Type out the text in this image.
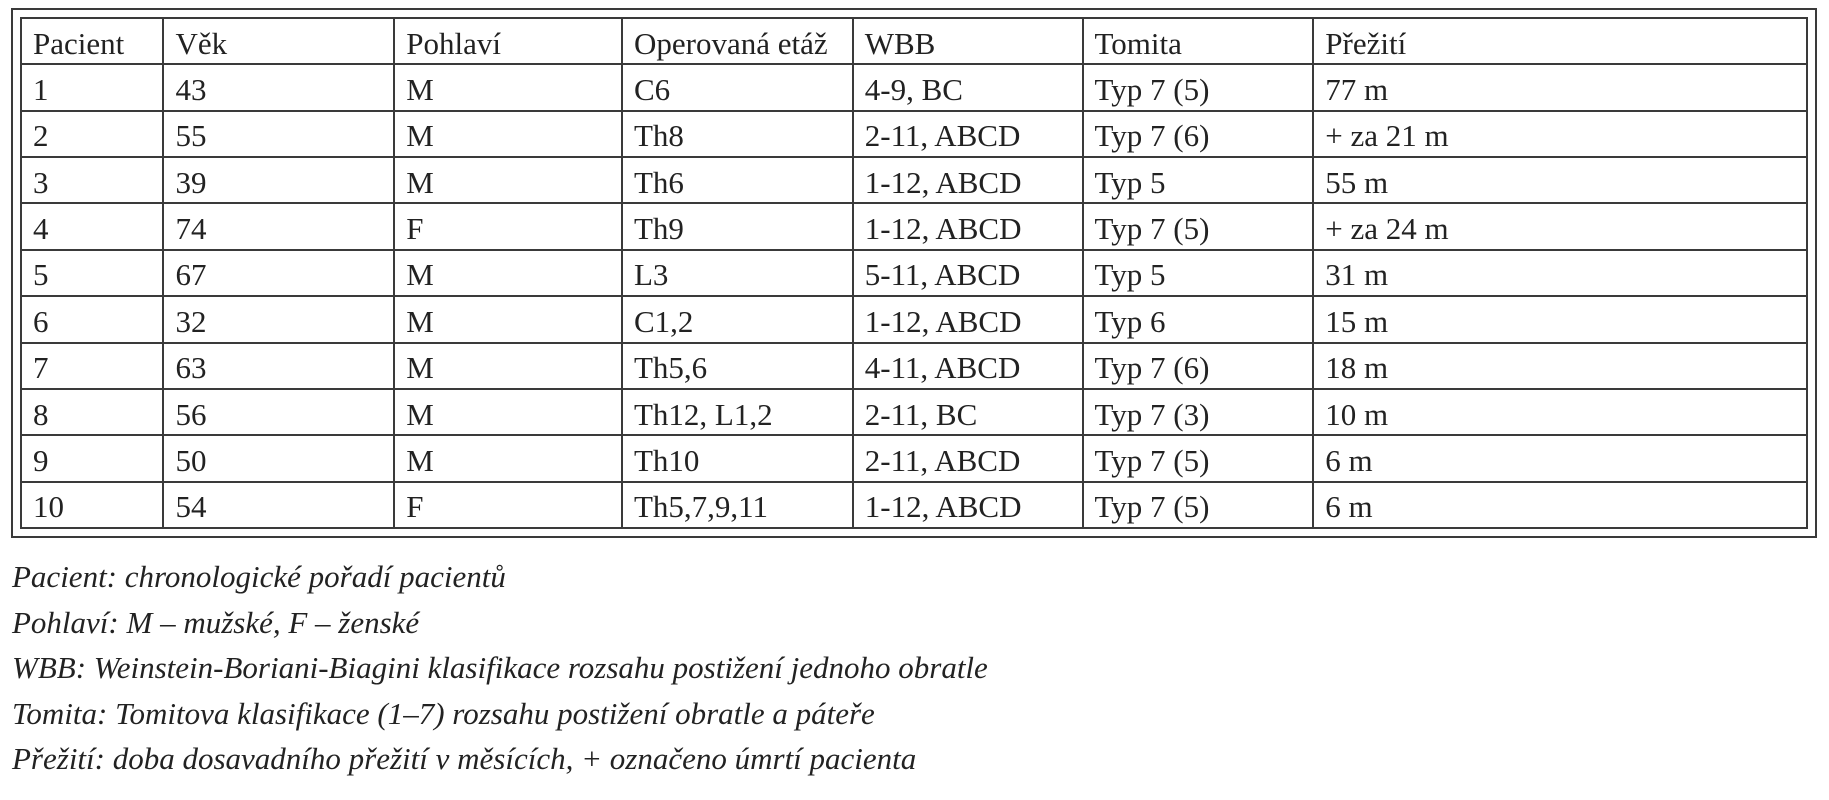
Pacient	Věk	Pohlaví	Operovaná etáž	WBB	Tomita	Přežití
1	43	M	C6	4-9, BC	Typ 7 (5)	77 m
2	55	M	Th8	2-11, ABCD	Typ 7 (6)	+ za 21 m
3	39	M	Th6	1-12, ABCD	Typ 5	55 m
4	74	F	Th9	1-12, ABCD	Typ 7 (5)	+ za 24 m
5	67	M	L3	5-11, ABCD	Typ 5	31 m
6	32	M	C1,2	1-12, ABCD	Typ 6	15 m
7	63	M	Th5,6	4-11, ABCD	Typ 7 (6)	18 m
8	56	M	Th12, L1,2	2-11, BC	Typ 7 (3)	10 m
9	50	M	Th10	2-11, ABCD	Typ 7 (5)	6 m
10	54	F	Th5,7,9,11	1-12, ABCD	Typ 7 (5)	6 m
Pacient: chronologické pořadí pacientů
Pohlaví: M – mužské, F – ženské
WBB: Weinstein-Boriani-Biagini klasifikace rozsahu postižení jednoho obratle
Tomita: Tomitova klasifikace (1–7) rozsahu postižení obratle a páteře
Přežití: doba dosavadního přežití v měsících, + označeno úmrtí pacienta
